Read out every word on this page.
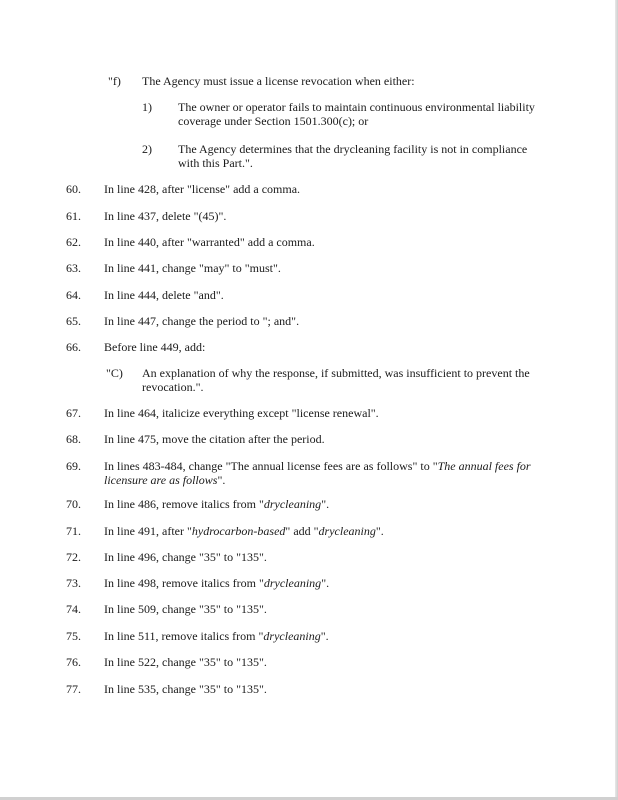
"f) The Agency must issue a license revocation when either:
1) The owner or operator fails to maintain continuous environmental liability
coverage under Section 1501.300(c); or
2) The Agency determines that the drycleaning facility is not in compliance
with this Part.".
60.	In line 428, after "license" add a comma.
61.	In line 437, delete "(45)".
62.	In line 440, after "warranted" add a comma.
63.	In line 441, change "may" to "must".
64.	In line 444, delete "and".
65.	In line 447, change the period to "; and".
66.	Before line 449, add:
"C) An explanation of why the response, if submitted, was insufficient to prevent the
revocation.".
67.	In line 464, italicize everything except "license renewal".
68.	In line 475, move the citation after the period.
69.	In lines 483-484, change "The annual license fees are as follows" to "The annual fees for
licensure are as follows".
70.	In line 486, remove italics from "drycleaning".
71.	In line 491, after "hydrocarbon-based" add "drycleaning".
72.	In line 496, change "35" to "135".
73.	In line 498, remove italics from "drycleaning".
74.	In line 509, change "35" to "135".
75.	In line 511, remove italics from "drycleaning".
76.	In line 522, change "35" to "135".
77.	In line 535, change "35" to "135".
